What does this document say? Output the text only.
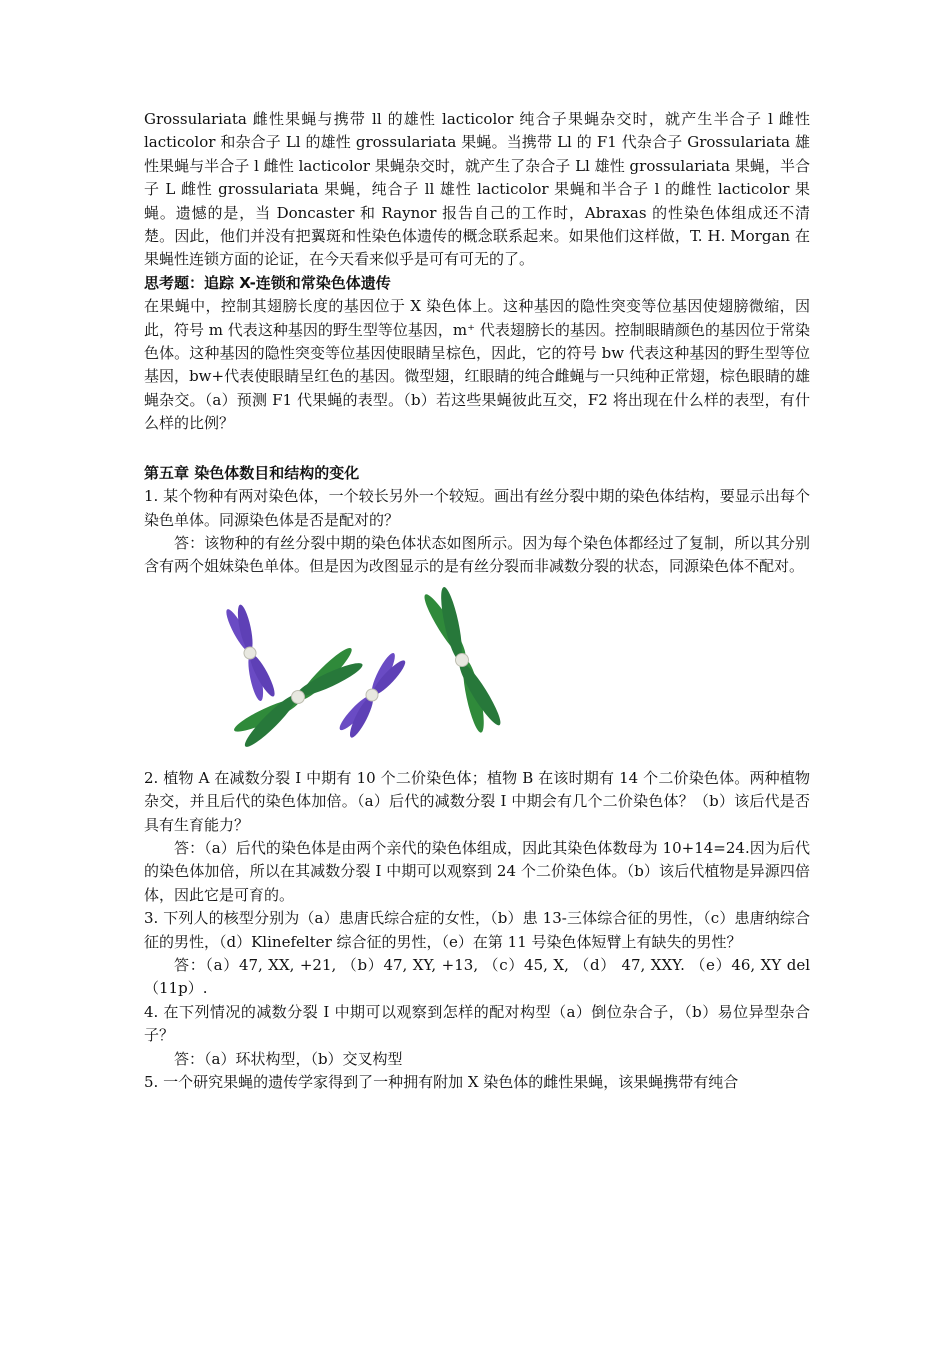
Grossulariata 雌性果蝇与携带 ll 的雄性 lacticolor 纯合子果蝇杂交时，就产生半合子 l 雌性 lacticolor 和杂合子 Ll 的雄性 grossulariata 果蝇。当携带 Ll 的 F1 代杂合子 Grossulariata 雄性果蝇与半合子 l 雌性 lacticolor 果蝇杂交时，就产生了杂合子 Ll 雄性 grossulariata 果蝇，半合子 L 雌性 grossulariata 果蝇，纯合子 ll 雄性 lacticolor 果蝇和半合子 l 的雌性 lacticolor 果蝇。遗憾的是，当 Doncaster 和 Raynor 报告自己的工作时，Abraxas 的性染色体组成还不清楚。因此，他们并没有把翼斑和性染色体遗传的概念联系起来。如果他们这样做，T. H. Morgan 在果蝇性连锁方面的论证，在今天看来似乎是可有可无的了。

思考题：追踪 X-连锁和常染色体遗传

在果蝇中，控制其翅膀长度的基因位于 X 染色体上。这种基因的隐性突变等位基因使翅膀微缩，因此，符号 m 代表这种基因的野生型等位基因，m⁺ 代表翅膀长的基因。控制眼睛颜色的基因位于常染色体。这种基因的隐性突变等位基因使眼睛呈棕色，因此，它的符号 bw 代表这种基因的野生型等位基因，bw+代表使眼睛呈红色的基因。微型翅，红眼睛的纯合雌蝇与一只纯种正常翅，棕色眼睛的雄蝇杂交。（a）预测 F1 代果蝇的表型。（b）若这些果蝇彼此互交，F2 将出现在什么样的表型，有什么样的比例？

第五章 染色体数目和结构的变化

1. 某个物种有两对染色体，一个较长另外一个较短。画出有丝分裂中期的染色体结构，要显示出每个染色单体。同源染色体是否是配对的？

答：该物种的有丝分裂中期的染色体状态如图所示。因为每个染色体都经过了复制，所以其分别含有两个姐妹染色单体。但是因为改图显示的是有丝分裂而非减数分裂的状态，同源染色体不配对。

2. 植物 A 在减数分裂 I 中期有 10 个二价染色体；植物 B 在该时期有 14 个二价染色体。两种植物杂交，并且后代的染色体加倍。（a）后代的减数分裂 I 中期会有几个二价染色体？（b）该后代是否具有生育能力？

答：（a）后代的染色体是由两个亲代的染色体组成，因此其染色体数母为 10+14=24.因为后代的染色体加倍，所以在其减数分裂 I 中期可以观察到 24 个二价染色体。（b）该后代植物是异源四倍体，因此它是可育的。

3. 下列人的核型分别为（a）患唐氏综合症的女性，（b）患 13-三体综合征的男性，（c）患唐纳综合征的男性，（d）Klinefelter 综合征的男性，（e）在第 11 号染色体短臂上有缺失的男性？

答：（a）47, XX, +21, （b）47, XY, +13, （c）45, X, （d） 47, XXY. （e）46, XY del （11p）.

4. 在下列情况的减数分裂 I 中期可以观察到怎样的配对构型（a）倒位杂合子，（b）易位异型杂合子？

答：（a）环状构型，（b）交叉构型

5. 一个研究果蝇的遗传学家得到了一种拥有附加 X 染色体的雌性果蝇，该果蝇携带有纯合
